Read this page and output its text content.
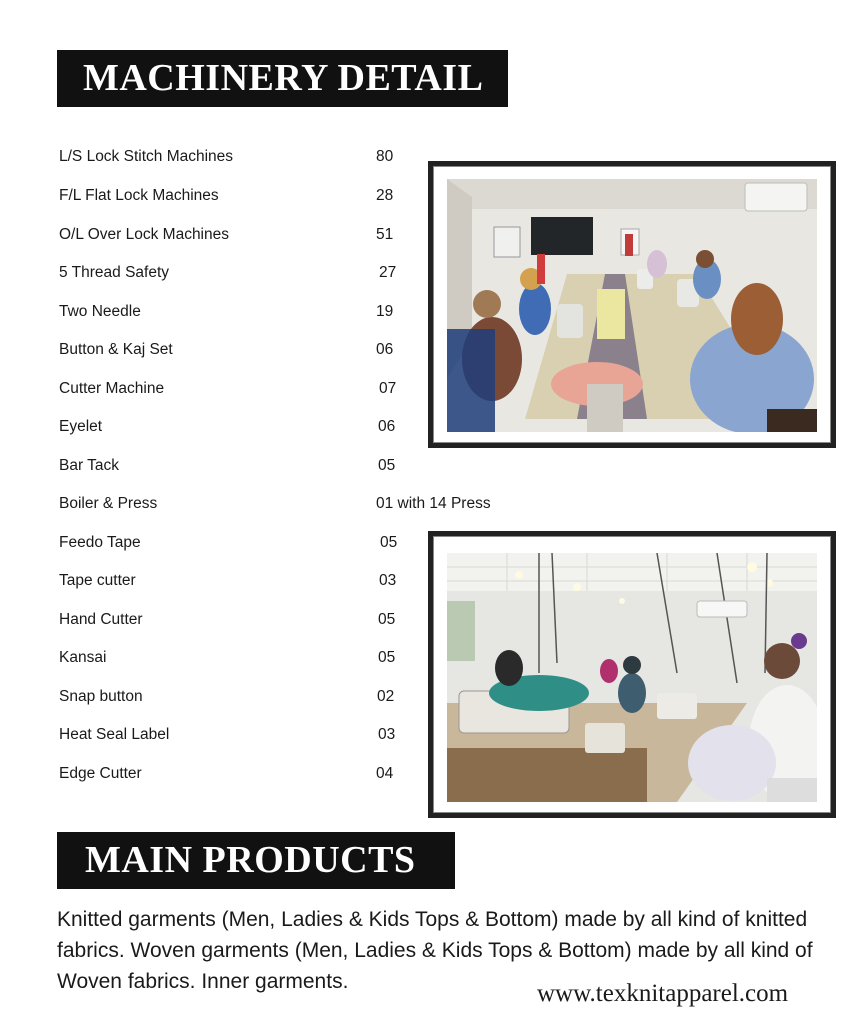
MACHINERY DETAIL
L/S Lock Stitch Machines	80
F/L Flat Lock Machines	28
O/L Over Lock Machines	51
5 Thread Safety	27
Two Needle	19
Button & Kaj Set	06
Cutter Machine	07
Eyelet	06
Bar Tack	05
Boiler & Press	01 with 14 Press
Feedo Tape	05
Tape cutter	03
Hand Cutter	05
Kansai	05
Snap button	02
Heat Seal Label	03
Edge Cutter	04
MAIN PRODUCTS
Knitted garments (Men, Ladies & Kids Tops & Bottom) made by all kind of knitted fabrics. Woven garments (Men, Ladies & Kids Tops & Bottom) made by all kind of Woven fabrics. Inner garments.	www.texknitapparel.com
